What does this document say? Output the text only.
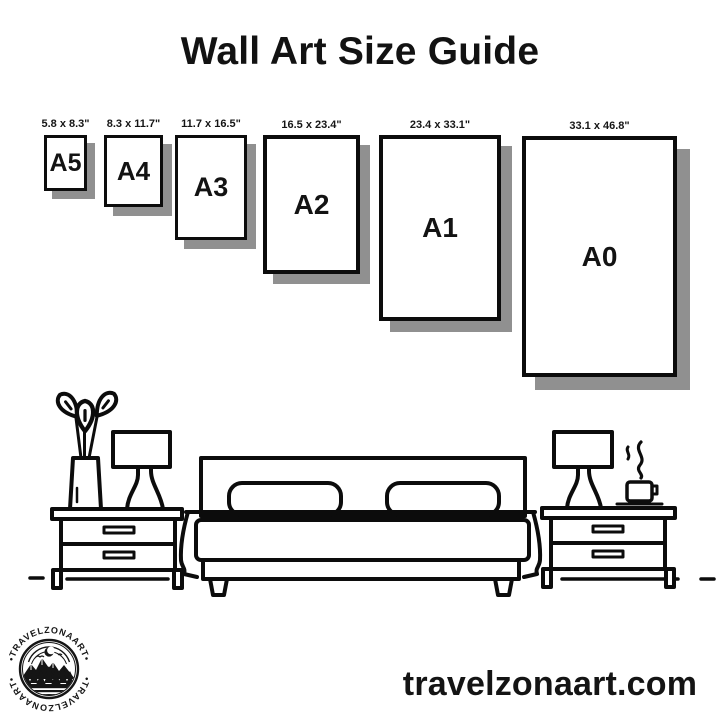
Wall Art Size Guide
5.8 x 8.3"
A5
8.3 x 11.7"
A4
11.7 x 16.5"
A3
16.5 x 23.4"
A2
23.4 x 33.1"
A1
33.1 x 46.8"
A0
•TRAVELZONAART•
•TRAVELZONAART•	travelzonaart.com
